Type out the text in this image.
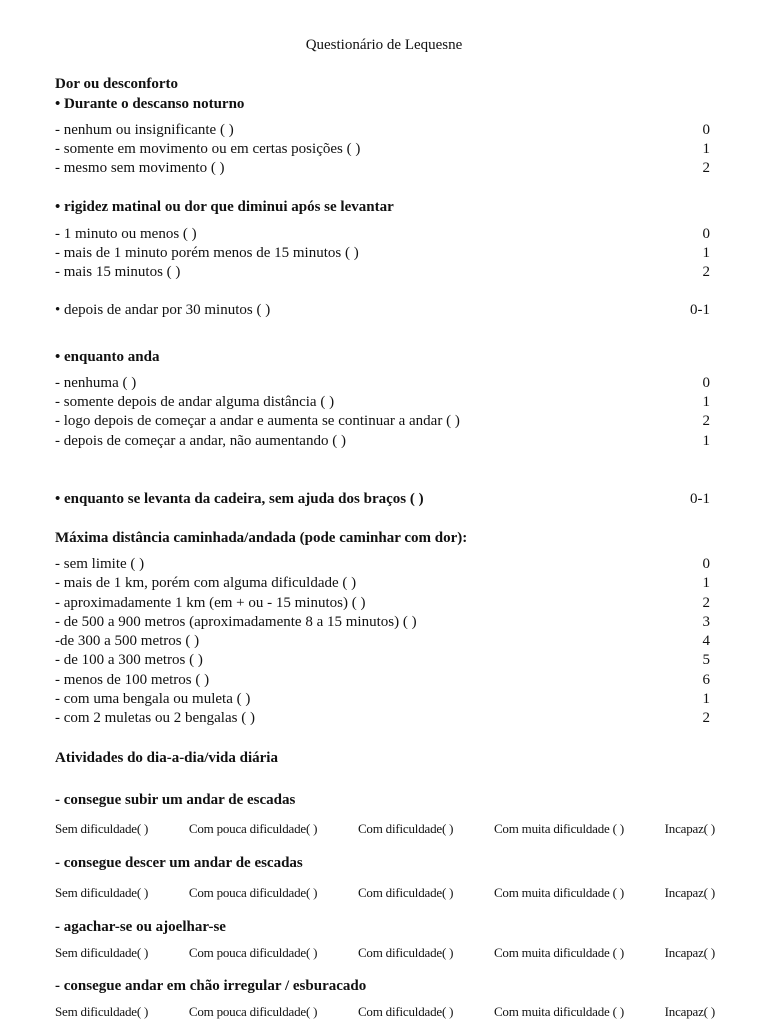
Questionário de Lequesne
Dor ou desconforto
• Durante o descanso noturno
- nenhum ou insignificante ( )	0
- somente em movimento ou em certas posições ( )	1
- mesmo sem movimento ( )	2
• rigidez matinal ou dor que diminui após se levantar
- 1 minuto ou menos ( )	0
- mais de 1 minuto porém menos de 15 minutos ( )	1
- mais 15 minutos ( )	2
• depois de andar por 30 minutos ( )	0-1
• enquanto anda
- nenhuma ( )	0
- somente depois de andar alguma distância ( )	1
- logo depois de começar a andar e aumenta se continuar a andar ( )	2
- depois de começar a andar, não aumentando ( )	1
• enquanto se levanta da cadeira, sem ajuda dos braços ( )	0-1
Máxima distância caminhada/andada (pode caminhar com dor):
- sem limite ( )	0
- mais de 1 km, porém com alguma dificuldade ( )	1
- aproximadamente 1 km (em + ou - 15 minutos) ( )	2
- de 500 a 900 metros (aproximadamente 8 a 15 minutos) ( )	3
-de 300 a 500 metros ( )	4
- de 100 a 300 metros ( )	5
- menos de 100 metros ( )	6
- com uma bengala ou muleta ( )	1
- com 2 muletas ou 2 bengalas ( )	2
Atividades do dia-a-dia/vida diária
- consegue subir um andar de escadas
Sem dificuldade( )	Com pouca dificuldade( )	Com dificuldade( )	Com muita dificuldade ( )	Incapaz( )
- consegue descer um andar de escadas
Sem dificuldade( )	Com pouca dificuldade( )	Com dificuldade( )	Com muita dificuldade ( )	Incapaz( )
- agachar-se ou ajoelhar-se
Sem dificuldade( )	Com pouca dificuldade( )	Com dificuldade( )	Com muita dificuldade ( )	Incapaz( )
- consegue andar em chão irregular / esburacado
Sem dificuldade( )	Com pouca dificuldade( )	Com dificuldade( )	Com muita dificuldade ( )	Incapaz( )
